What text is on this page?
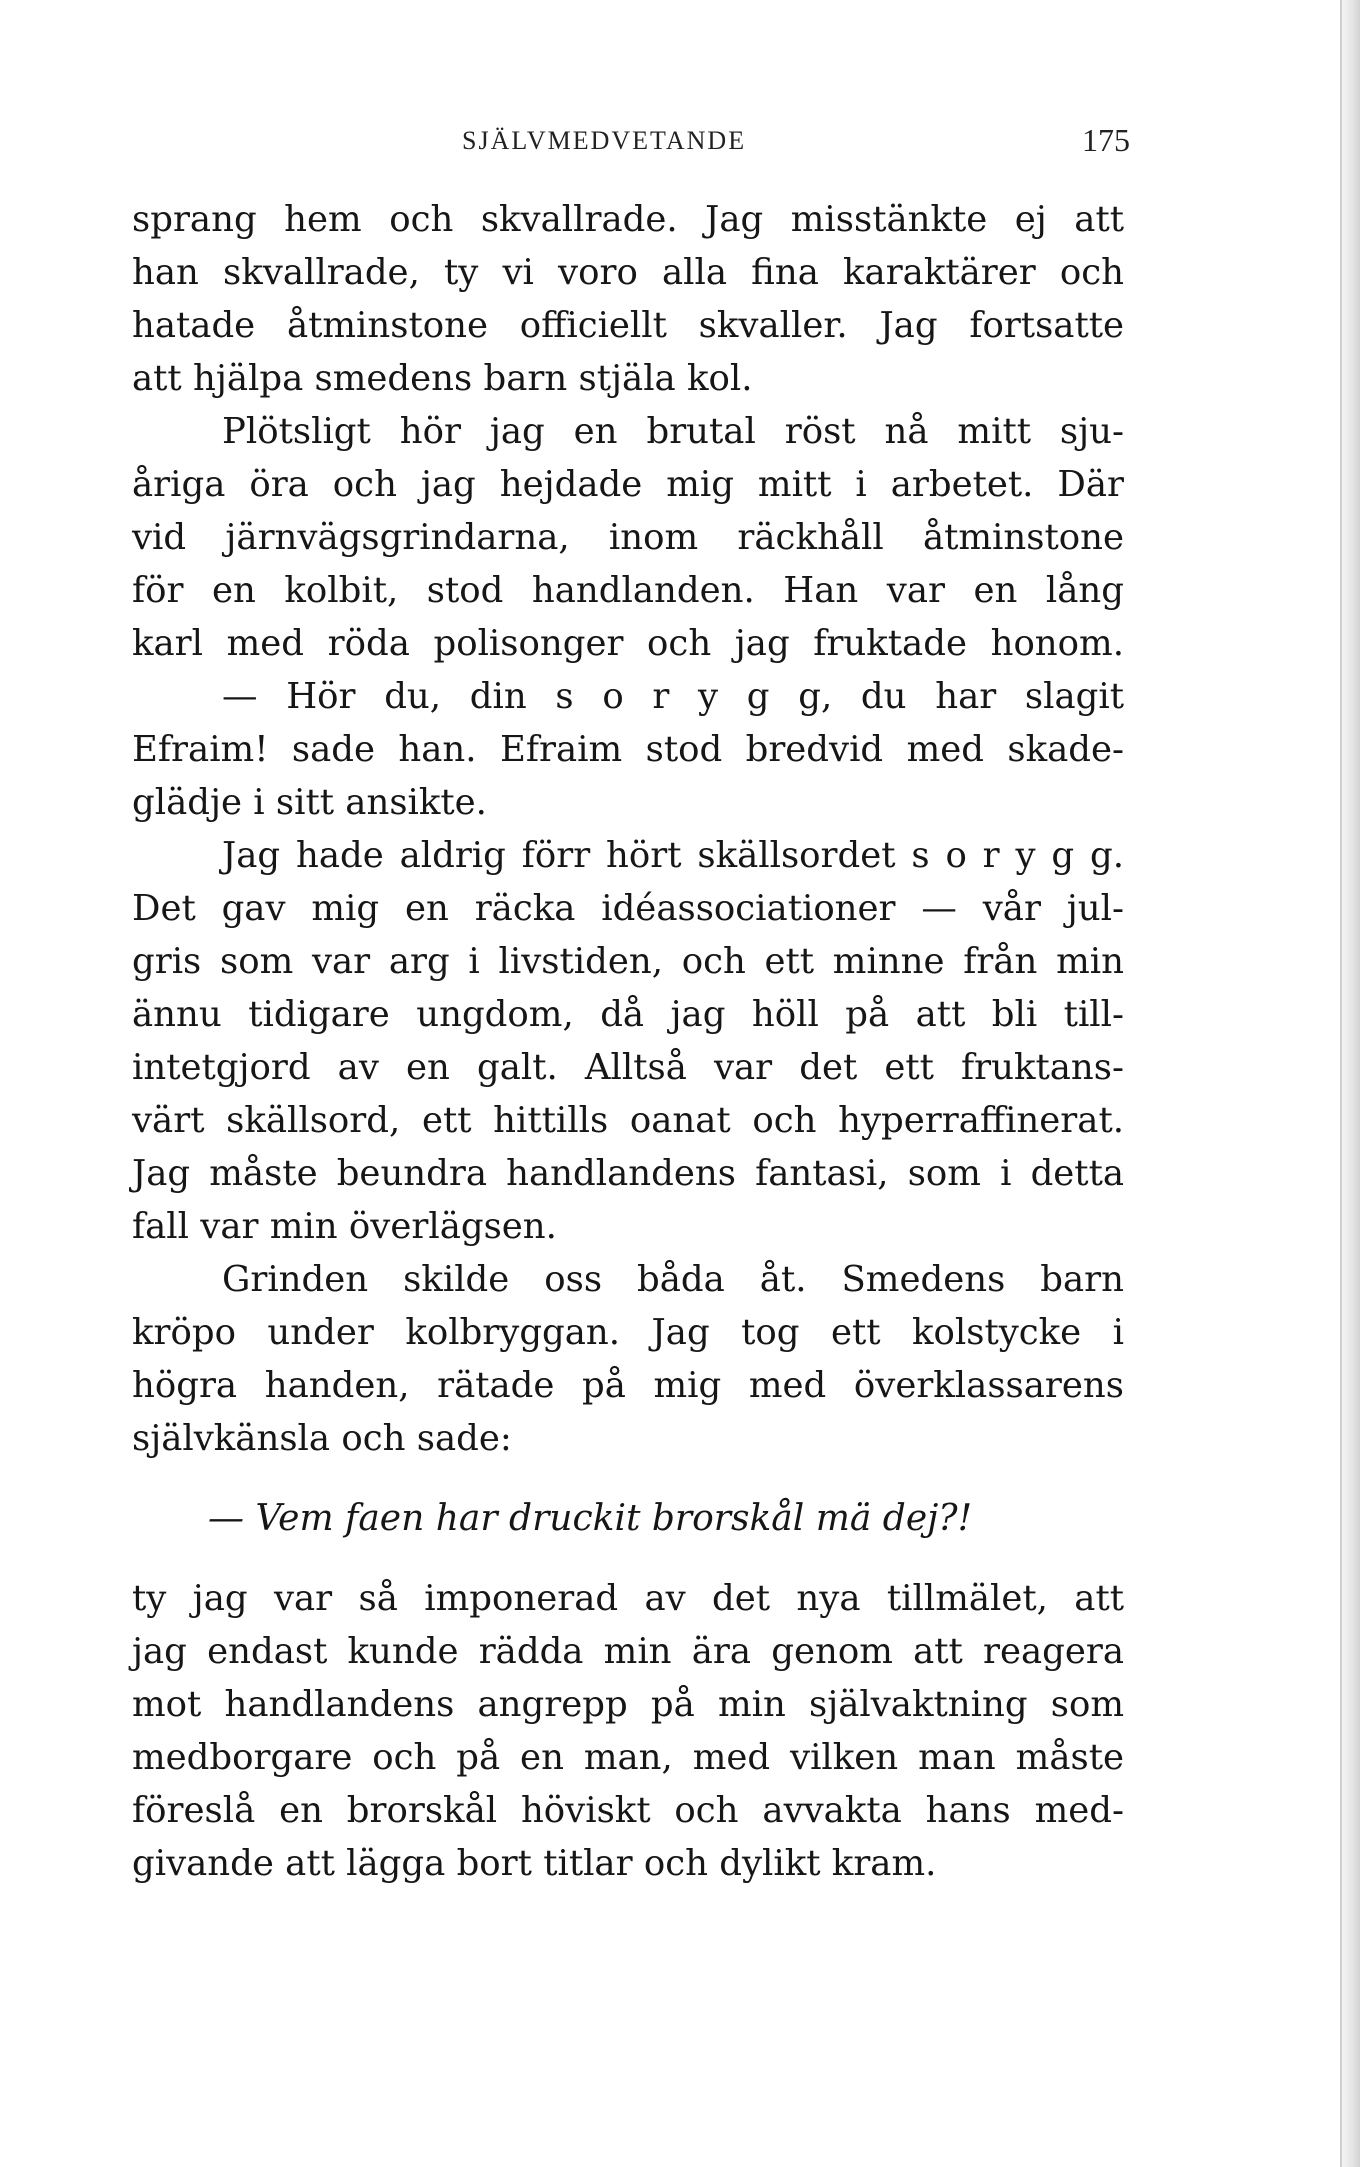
SJÄLVMEDVETANDE	175
sprang hem och skvallrade. Jag misstänkte ej att
han skvallrade, ty vi voro alla fina karaktärer och
hatade åtminstone officiellt skvaller. Jag fortsatte
att hjälpa smedens barn stjäla kol.
Plötsligt hör jag en brutal röst nå mitt sju-
åriga öra och jag hejdade mig mitt i arbetet. Där
vid järnvägsgrindarna, inom räckhåll åtminstone
för en kolbit, stod handlanden. Han var en lång
karl med röda polisonger och jag fruktade honom.
— Hör du, din s o r y g g, du har slagit
Efraim! sade han. Efraim stod bredvid med skade-
glädje i sitt ansikte.
Jag hade aldrig förr hört skällsordet s o r y g g.
Det gav mig en räcka idéassociationer — vår jul-
gris som var arg i livstiden, och ett minne från min
ännu tidigare ungdom, då jag höll på att bli till-
intetgjord av en galt. Alltså var det ett fruktans-
värt skällsord, ett hittills oanat och hyperraffinerat.
Jag måste beundra handlandens fantasi, som i detta
fall var min överlägsen.
Grinden skilde oss båda åt. Smedens barn
kröpo under kolbryggan. Jag tog ett kolstycke i
högra handen, rätade på mig med överklassarens
självkänsla och sade:
— Vem faen har druckit brorskål mä dej?!
ty jag var så imponerad av det nya tillmälet, att
jag endast kunde rädda min ära genom att reagera
mot handlandens angrepp på min självaktning som
medborgare och på en man, med vilken man måste
föreslå en brorskål höviskt och avvakta hans med-
givande att lägga bort titlar och dylikt kram.
